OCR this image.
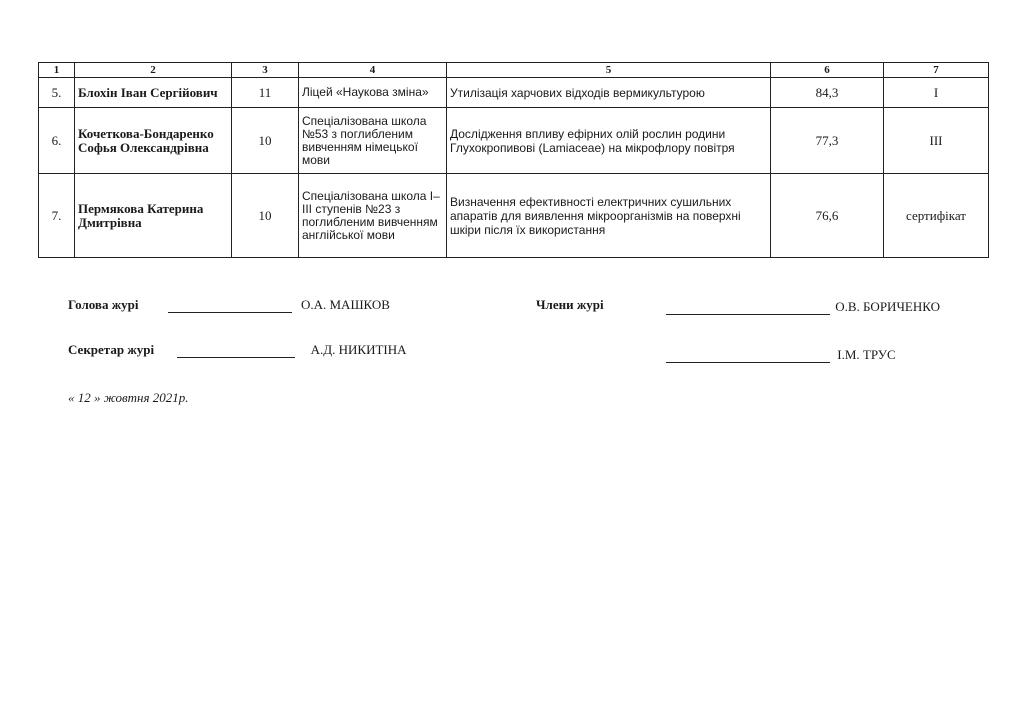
1	2	3	4	5	6	7
5.	Блохін Іван Сергійович	11	Ліцей «Наукова зміна»	Утилізація харчових відходів вермикультурою	84,3	І
6.	Кочеткова-Бондаренко Софья Олександрівна	10	Спеціалізована школа №53 з поглибленим вивченням німецької мови	Дослідження впливу ефірних олій рослин родини Глухокропивові (Lamiaceae) на мікрофлору повітря	77,3	ІІІ
7.	Пермякова Катерина Дмитрівна	10	Спеціалізована школа І–ІІІ ступенів №23 з поглибленим вивченням англійської мови	Визначення ефективності електричних сушильних апаратів для виявлення мікроорганізмів на поверхні шкіри після їх використання	76,6	сертифікат
Голова журі	О.А. МАШКОВ	Члени журі	О.В. БОРИЧЕНКО
Секретар журі	А.Д. НИКИТІНА	І.М. ТРУС
« 12 » жовтня 2021р.
